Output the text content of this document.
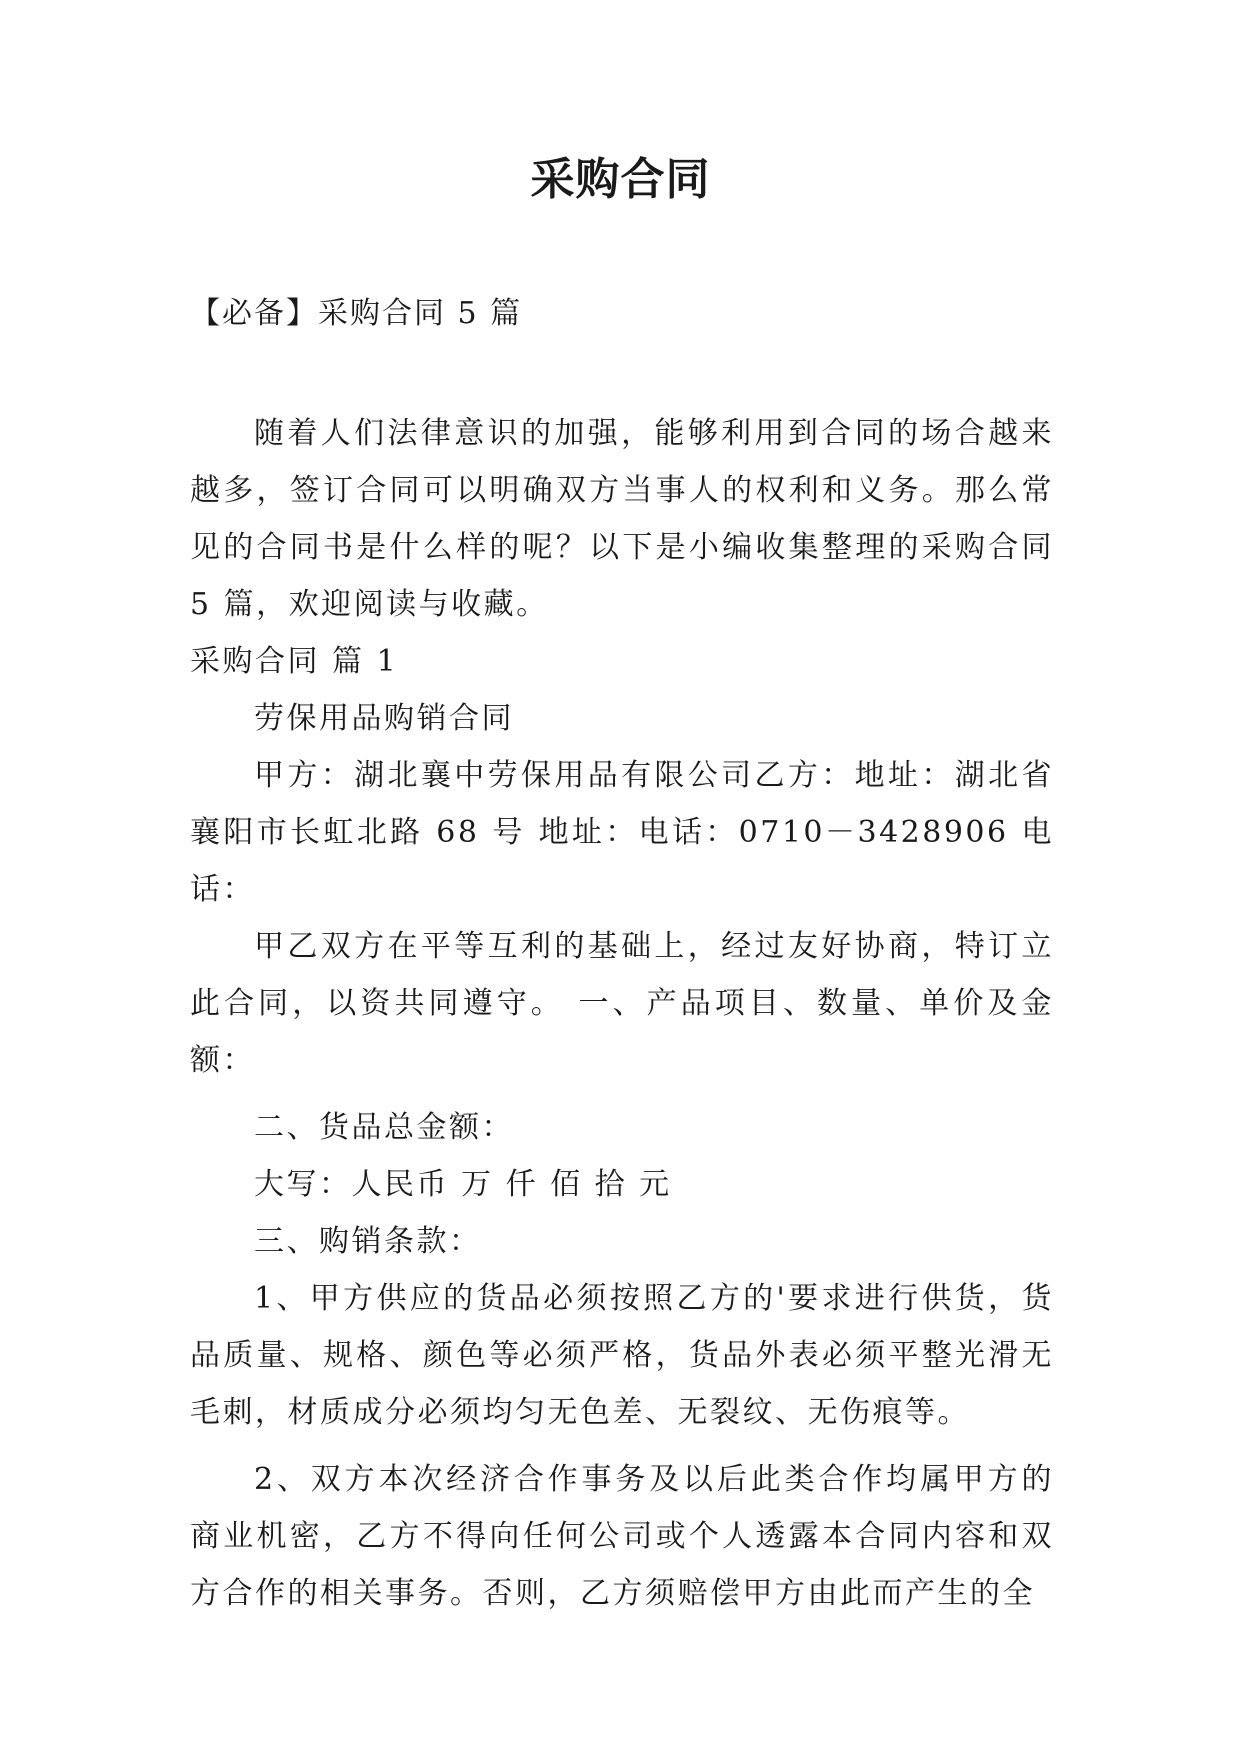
采购合同
【必备】采购合同 5 篇

随着人们法律意识的加强，能够利用到合同的场合越来越多，签订合同可以明确双方当事人的权利和义务。那么常见的合同书是什么样的呢？以下是小编收集整理的采购合同 5 篇，欢迎阅读与收藏。

采购合同 篇 1

劳保用品购销合同

甲方：湖北襄中劳保用品有限公司乙方：地址：湖北省襄阳市长虹北路 68 号 地址：电话：0710－3428906 电话：

甲乙双方在平等互利的基础上，经过友好协商，特订立此合同，以资共同遵守。 一、产品项目、数量、单价及金额：

二、货品总金额：

大写：人民币 万 仟 佰 拾 元

三、购销条款：

1、甲方供应的货品必须按照乙方的'要求进行供货，货品质量、规格、颜色等必须严格，货品外表必须平整光滑无毛刺，材质成分必须均匀无色差、无裂纹、无伤痕等。

2、双方本次经济合作事务及以后此类合作均属甲方的商业机密，乙方不得向任何公司或个人透露本合同内容和双方合作的相关事务。否则，乙方须赔偿甲方由此而产生的全
